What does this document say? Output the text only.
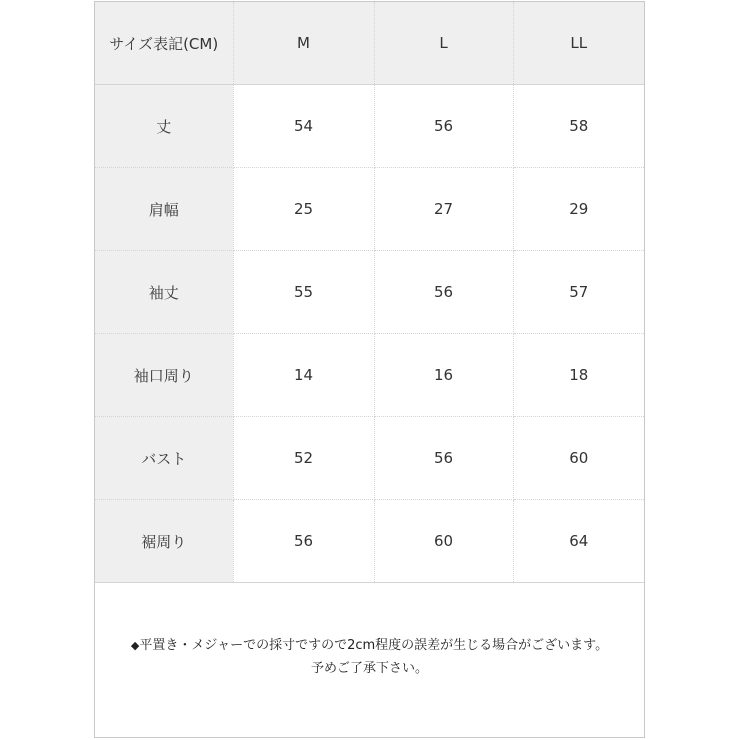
サイズ表記(CM)	M	L	LL
丈	54	56	58
肩幅	25	27	29
袖丈	55	56	57
袖口周り	14	16	18
バスト	52	56	60
裾周り	56	60	64
◆平置き・メジャーでの採寸ですので2cm程度の誤差が生じる場合がございます。
予めご了承下さい。
